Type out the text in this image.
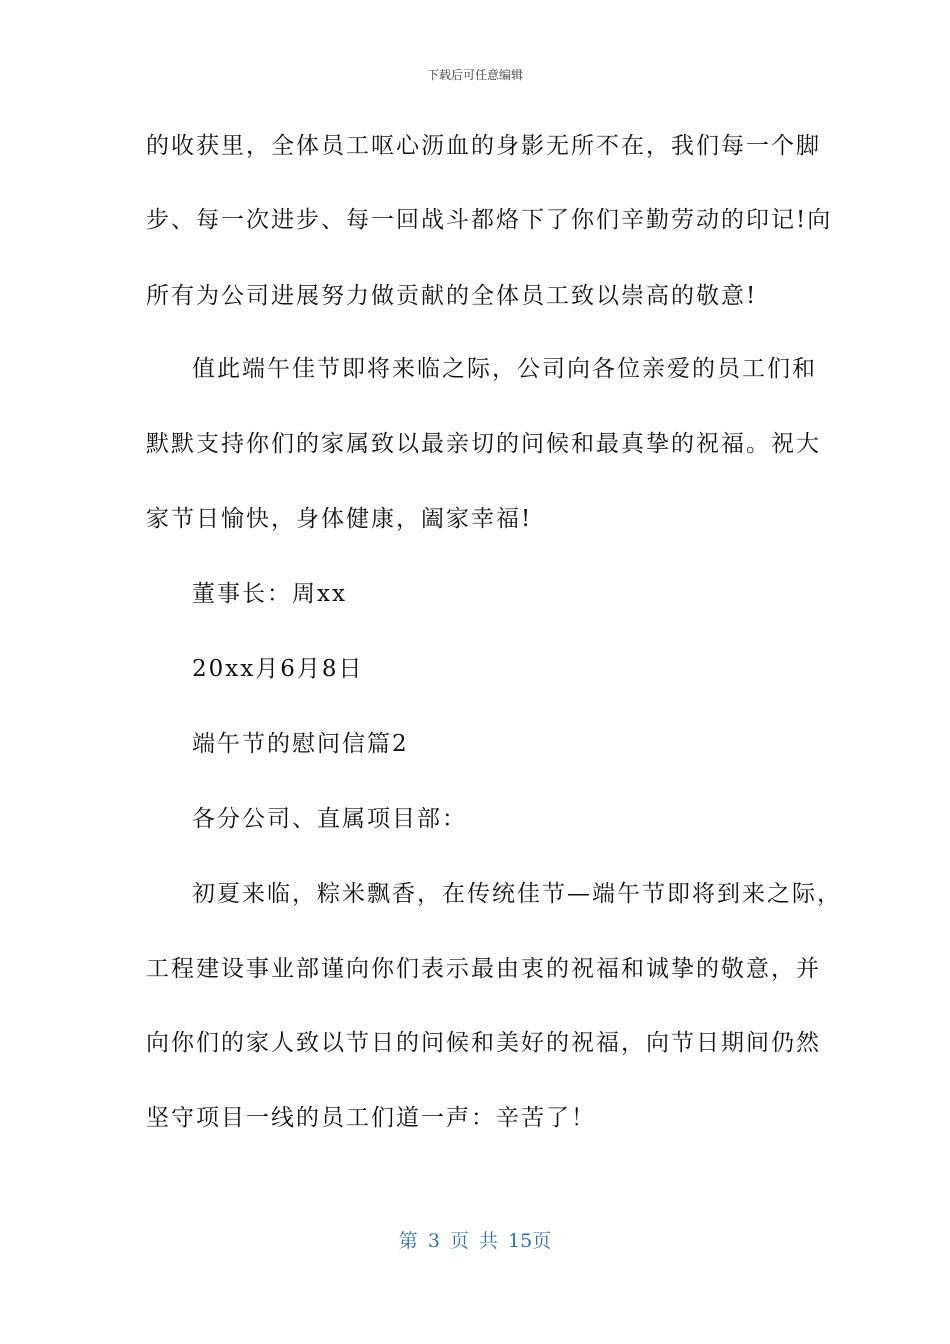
下载后可任意编辑
的收获里，全体员工呕心沥血的身影无所不在，我们每一个脚
步、每一次进步、每一回战斗都烙下了你们辛勤劳动的印记!向
所有为公司进展努力做贡献的全体员工致以崇高的敬意!
值此端午佳节即将来临之际，公司向各位亲爱的员工们和
默默支持你们的家属致以最亲切的问候和最真挚的祝福。祝大
家节日愉快，身体健康，阖家幸福!
董事长：周xx
20xx月6月8日
端午节的慰问信篇2
各分公司、直属项目部：
初夏来临，粽米飘香，在传统佳节—端午节即将到来之际，
工程建设事业部谨向你们表示最由衷的祝福和诚挚的敬意，并
向你们的家人致以节日的问候和美好的祝福，向节日期间仍然
坚守项目一线的员工们道一声：辛苦了！
第 3 页 共 15页
